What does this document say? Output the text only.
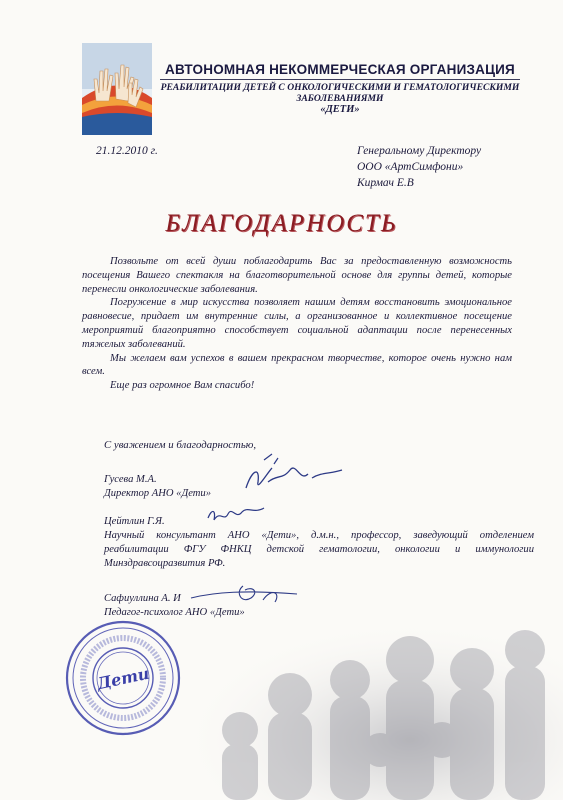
АВТОНОМНАЯ НЕКОММЕРЧЕСКАЯ ОРГАНИЗАЦИЯ
РЕАБИЛИТАЦИИ ДЕТЕЙ С ОНКОЛОГИЧЕСКИМИ И ГЕМАТОЛОГИЧЕСКИМИ
ЗАБОЛЕВАНИЯМИ
«ДЕТИ»
21.12.2010 г.	Генеральному Директору
ООО «АртСимфони»
Кирмач Е.В
БЛАГОДАРНОСТЬ

Позвольте от всей души поблагодарить Вас за предоставленную возможность посещения Вашего спектакля на благотворительной основе для группы детей, которые перенесли онкологические заболевания.

Погружение в мир искусства позволяет нашим детям восстановить эмоциональное равновесие, придает им внутренние силы, а организованное и коллективное посещение мероприятий благоприятно способствует социальной адаптации после перенесенных тяжелых заболеваний.

Мы желаем вам успехов в вашем прекрасном творчестве, которое очень нужно нам всем.

Еще раз огромное Вам спасибо!

С уважением и благодарностью,
Гусева М.А.
Директор АНО «Дети»
Цейтлин Г.Я.
Научный консультант АНО «Дети», д.м.н., профессор, заведующий отделением реабилитации ФГУ ФНКЦ детской гематологии, онкологии и иммунологии Минздравсоцразвития РФ.
Сафиуллина А. И
Педагог-психолог АНО «Дети»
Дети
